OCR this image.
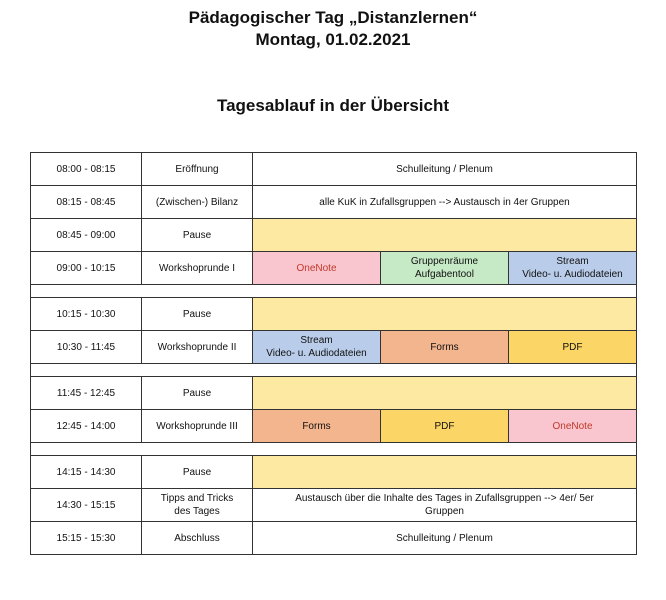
Pädagogischer Tag „Distanzlernen“
Montag, 01.02.2021
Tagesablauf in der Übersicht
08:00 - 08:15	Eröffnung	Schulleitung / Plenum		
08:15 - 08:45	(Zwischen-) Bilanz	alle KuK in Zufallsgruppen --> Austausch in 4er Gruppen		
08:45 - 09:00	Pause			
09:00 - 10:15	Workshoprunde I	OneNote	Gruppenräume
Aufgabentool	Stream
Video- u. Audiodateien

10:15 - 10:30	Pause			
10:30 - 11:45	Workshoprunde II	Stream
Video- u. Audiodateien	Forms	PDF

11:45 - 12:45	Pause			
12:45 - 14:00	Workshoprunde III	Forms	PDF	OneNote

14:15 - 14:30	Pause			
14:30 - 15:15	Tipps and Tricks
des Tages	Austausch über die Inhalte des Tages in Zufallsgruppen --> 4er/ 5er
Gruppen		
15:15 - 15:30	Abschluss	Schulleitung / Plenum		
